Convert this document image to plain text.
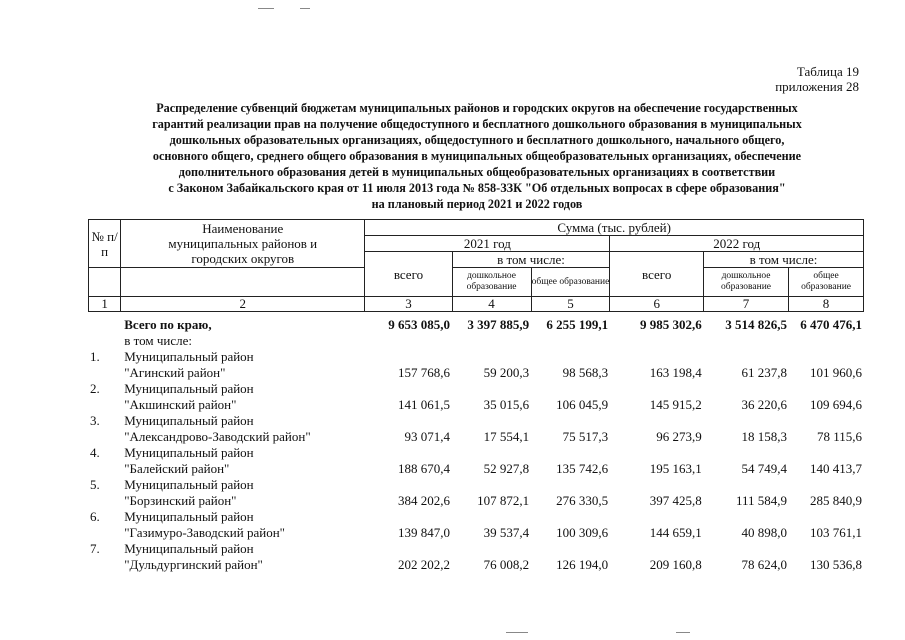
Таблица 19
приложения 28
Распределение субвенций бюджетам муниципальных районов и городских округов на обеспечение государственных
гарантий реализации прав на получение общедоступного и бесплатного дошкольного образования в муниципальных
дошкольных образовательных организациях, общедоступного и бесплатного дошкольного, начального общего,
основного общего, среднего общего образования в муниципальных общеобразовательных организациях, обеспечение
дополнительного образования детей в муниципальных общеобразовательных организациях в соответствии
с Законом Забайкальского края от 11 июля 2013 года № 858-ЗЗК "Об отдельных вопросах в сфере образования"
на плановый период 2021 и 2022 годов
№ п/п	Наименование муниципальных районов и городских округов	Сумма (тыс. рублей)					
		2021 год			2022 год		
		всего	в том числе:		всего	в том числе:	
			дошкольное образование	общее образование		дошкольное образование	общее образование
1	2	3	4	5	6	7	8
	Всего по краю,	9 653 085,0	3 397 885,9	6 255 199,1	9 985 302,6	3 514 826,5	6 470 476,1
	в том числе:						
1.	Муниципальный район						
	"Агинский район"	157 768,6	59 200,3	98 568,3	163 198,4	61 237,8	101 960,6
2.	Муниципальный район						
	"Акшинский район"	141 061,5	35 015,6	106 045,9	145 915,2	36 220,6	109 694,6
3.	Муниципальный район						
	"Александрово-Заводский район"	93 071,4	17 554,1	75 517,3	96 273,9	18 158,3	78 115,6
4.	Муниципальный район						
	"Балейский район"	188 670,4	52 927,8	135 742,6	195 163,1	54 749,4	140 413,7
5.	Муниципальный район						
	"Борзинский район"	384 202,6	107 872,1	276 330,5	397 425,8	111 584,9	285 840,9
6.	Муниципальный район						
	"Газимуро-Заводский район"	139 847,0	39 537,4	100 309,6	144 659,1	40 898,0	103 761,1
7.	Муниципальный район						
	"Дульдургинский район"	202 202,2	76 008,2	126 194,0	209 160,8	78 624,0	130 536,8
